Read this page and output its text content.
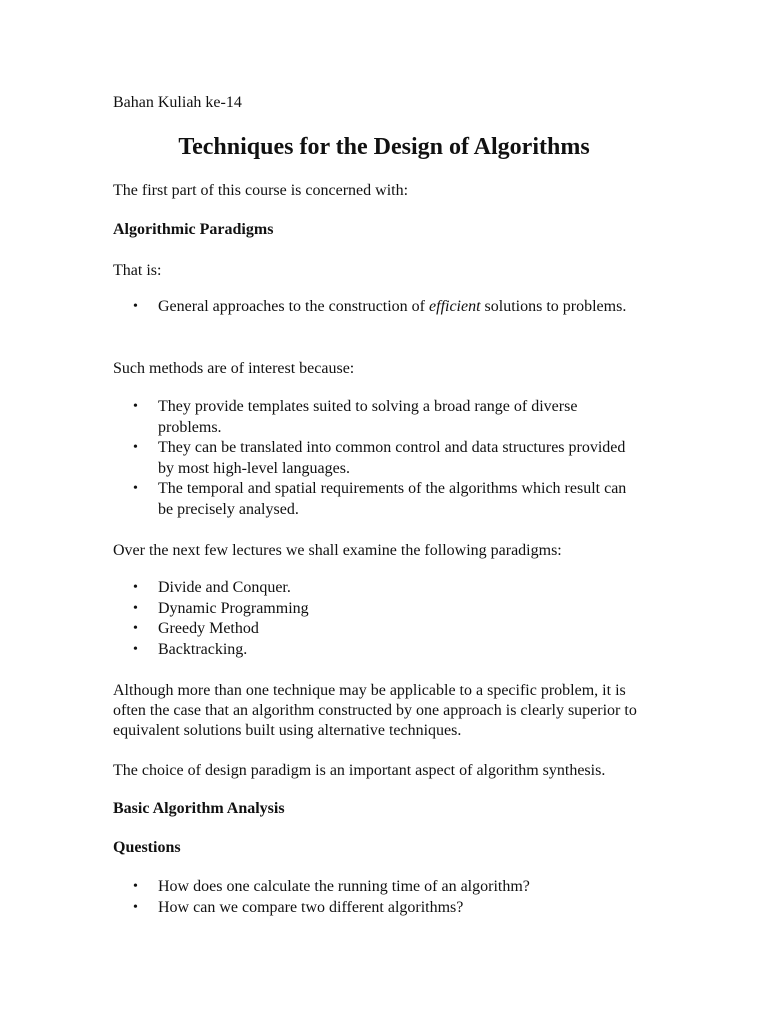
Bahan Kuliah ke-14

Techniques for the Design of Algorithms

The first part of this course is concerned with:

Algorithmic Paradigms

That is:

• General approaches to the construction of efficient solutions to problems.

Such methods are of interest because:

• They provide templates suited to solving a broad range of diverse problems.
• They can be translated into common control and data structures provided by most high-level languages.
• The temporal and spatial requirements of the algorithms which result can be precisely analysed.

Over the next few lectures we shall examine the following paradigms:

• Divide and Conquer.
• Dynamic Programming
• Greedy Method
• Backtracking.

Although more than one technique may be applicable to a specific problem, it is often the case that an algorithm constructed by one approach is clearly superior to equivalent solutions built using alternative techniques.

The choice of design paradigm is an important aspect of algorithm synthesis.

Basic Algorithm Analysis

Questions

• How does one calculate the running time of an algorithm?
• How can we compare two different algorithms?
